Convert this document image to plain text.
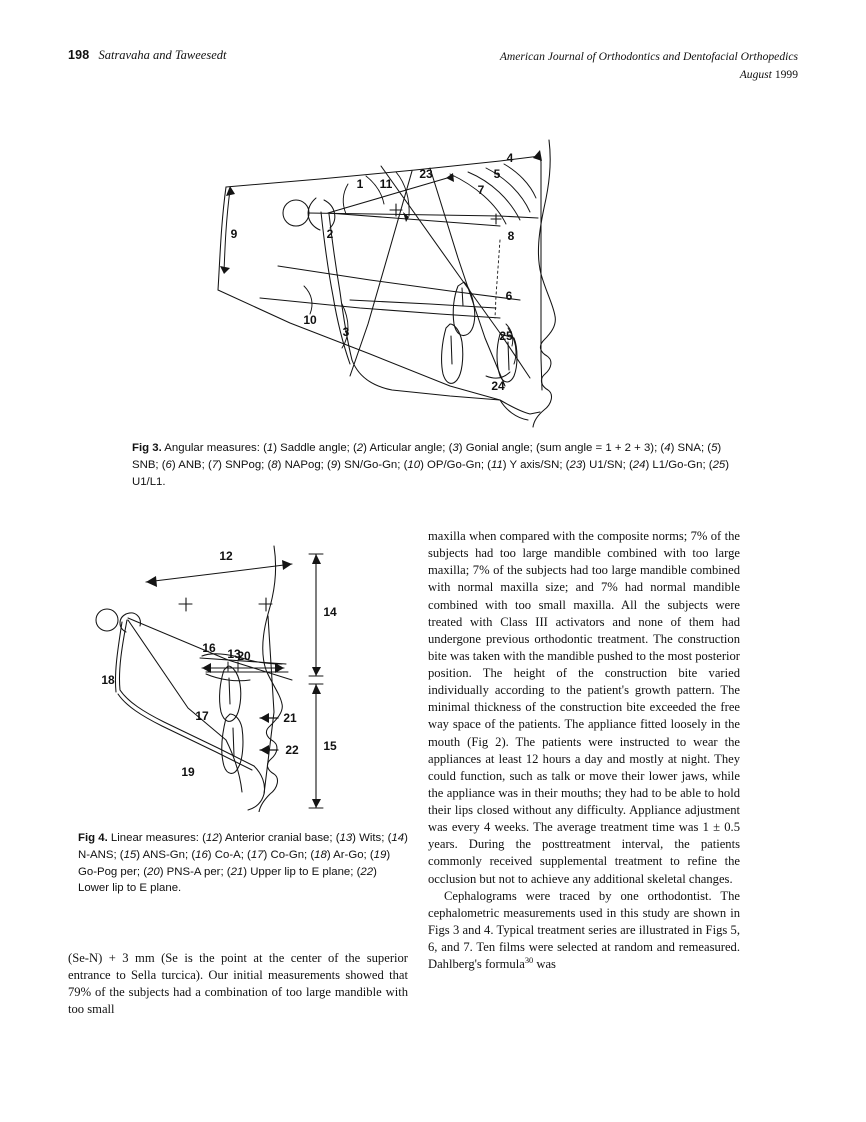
198 Satravaha and Taweesedt	American Journal of Orthodontics and Dentofacial Orthopedics
August 1999
9	2
1 11
23
4
5
7
8
6
10
3	25
24
Fig 3. Angular measures: (1) Saddle angle; (2) Articular angle; (3) Gonial angle; (sum angle = 1 + 2 + 3); (4) SNA; (5) SNB; (6) ANB; (7) SNPog; (8) NAPog; (9) SN/Go-Gn; (10) OP/Go-Gn; (11) Y axis/SN; (23) U1/SN; (24) L1/Go-Gn; (25) U1/L1.
12
13
14
15
16
17
18
19
20
21
22
Fig 4. Linear measures: (12) Anterior cranial base; (13) Wits; (14) N-ANS; (15) ANS-Gn; (16) Co-A; (17) Co-Gn; (18) Ar-Go; (19) Go-Pog per; (20) PNS-A per; (21) Upper lip to E plane; (22) Lower lip to E plane.

(Se-N) + 3 mm (Se is the point at the center of the superior entrance to Sella turcica). Our initial measurements showed that 79% of the subjects had a combination of too large mandible with too small

maxilla when compared with the composite norms; 7% of the subjects had too large mandible combined with too large maxilla; 7% of the subjects had too large mandible combined with normal maxilla size; and 7% had normal mandible combined with too small maxilla. All the subjects were treated with Class III activators and none of them had undergone previous orthodontic treatment. The construction bite was taken with the mandible pushed to the most posterior position. The height of the construction bite varied individually according to the patient's growth pattern. The minimal thickness of the construction bite exceeded the free way space of the patients. The appliance fitted loosely in the mouth (Fig 2). The patients were instructed to wear the appliances at least 12 hours a day and mostly at night. They could function, such as talk or move their lower jaws, while the appliance was in their mouths; they had to be able to hold their lips closed without any difficulty. Appliance adjustment was every 4 weeks. The average treatment time was 1 ± 0.5 years. During the posttreatment interval, the patients commonly received supplemental treatment to refine the occlusion but not to achieve any additional skeletal changes.

Cephalograms were traced by one orthodontist. The cephalometric measurements used in this study are shown in Figs 3 and 4. Typical treatment series are illustrated in Figs 5, 6, and 7. Ten films were selected at random and remeasured. Dahlberg's formula$^{30}$ was
